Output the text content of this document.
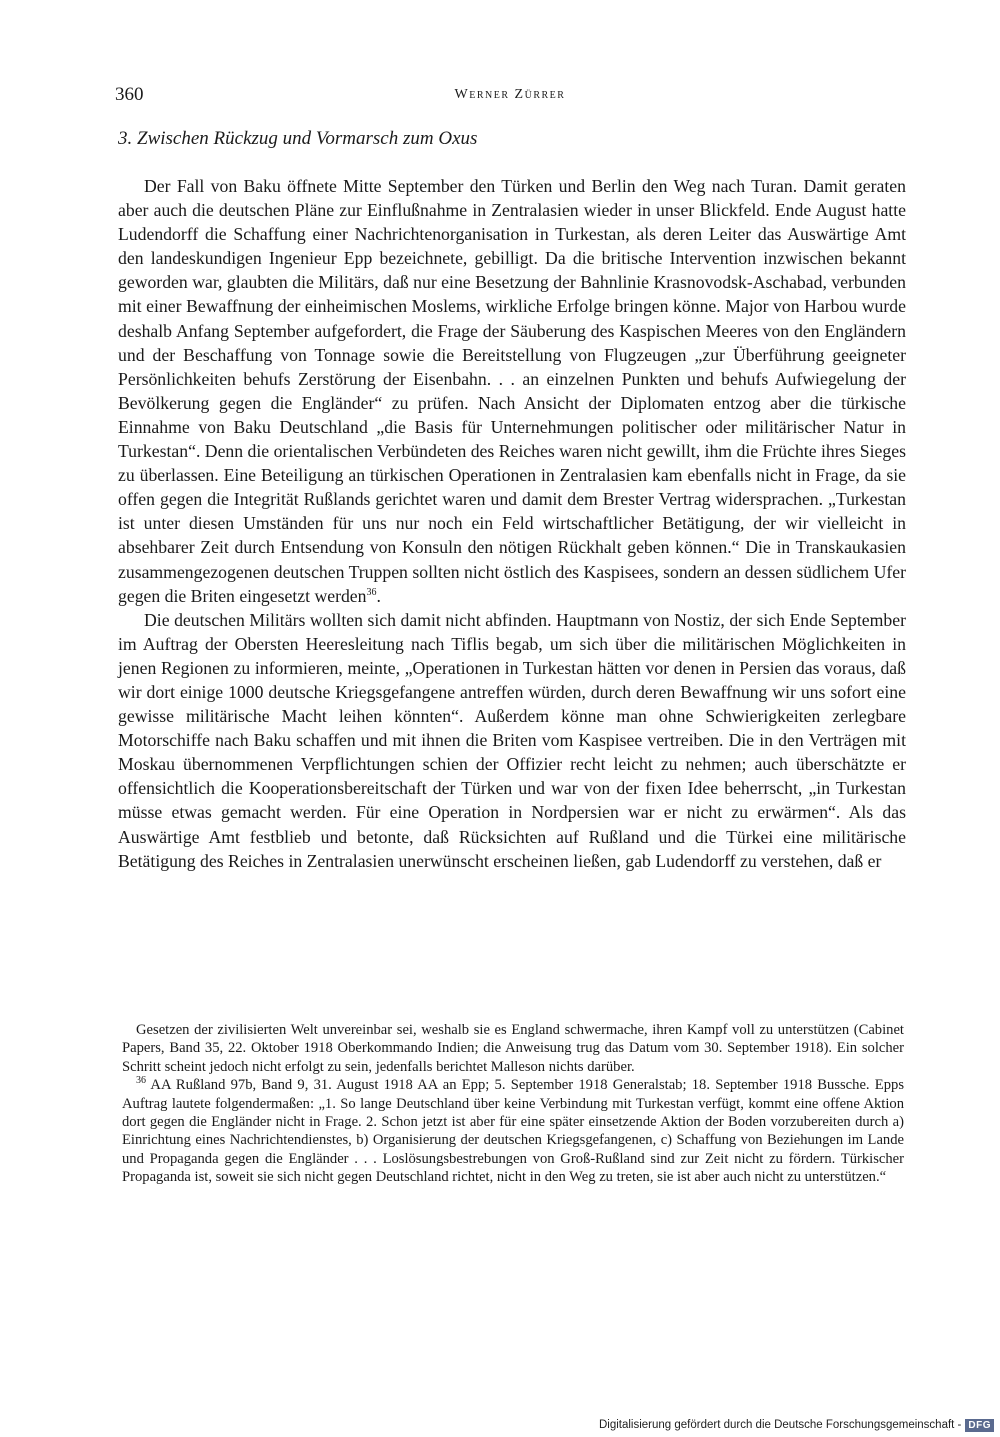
360	Werner Zürrer
3. Zwischen Rückzug und Vormarsch zum Oxus

Der Fall von Baku öffnete Mitte September den Türken und Berlin den Weg nach Turan. Damit geraten aber auch die deutschen Pläne zur Einflußnahme in Zentralasien wieder in unser Blickfeld. Ende August hatte Ludendorff die Schaffung einer Nachrichtenorganisation in Turkestan, als deren Leiter das Auswärtige Amt den landeskundigen Ingenieur Epp bezeichnete, gebilligt. Da die britische Intervention inzwischen bekannt geworden war, glaubten die Militärs, daß nur eine Besetzung der Bahnlinie Krasnovodsk-Aschabad, verbunden mit einer Bewaffnung der einheimischen Moslems, wirkliche Erfolge bringen könne. Major von Harbou wurde deshalb Anfang September aufgefordert, die Frage der Säuberung des Kaspischen Meeres von den Engländern und der Beschaffung von Tonnage sowie die Bereitstellung von Flugzeugen „zur Überführung geeigneter Persönlichkeiten behufs Zerstörung der Eisenbahn. . . an einzelnen Punkten und behufs Aufwiegelung der Bevölkerung gegen die Engländer“ zu prüfen. Nach Ansicht der Diplomaten entzog aber die türkische Einnahme von Baku Deutschland „die Basis für Unternehmungen politischer oder militärischer Natur in Turkestan“. Denn die orientalischen Verbündeten des Reiches waren nicht gewillt, ihm die Früchte ihres Sieges zu überlassen. Eine Beteiligung an türkischen Operationen in Zentralasien kam ebenfalls nicht in Frage, da sie offen gegen die Integrität Rußlands gerichtet waren und damit dem Brester Vertrag widersprachen. „Turkestan ist unter diesen Umständen für uns nur noch ein Feld wirtschaftlicher Betätigung, der wir vielleicht in absehbarer Zeit durch Entsendung von Konsuln den nötigen Rückhalt geben können.“ Die in Transkaukasien zusammengezogenen deutschen Truppen sollten nicht östlich des Kaspisees, sondern an dessen südlichem Ufer gegen die Briten eingesetzt werden$^{36}$.

Die deutschen Militärs wollten sich damit nicht abfinden. Hauptmann von Nostiz, der sich Ende September im Auftrag der Obersten Heeresleitung nach Tiflis begab, um sich über die militärischen Möglichkeiten in jenen Regionen zu informieren, meinte, „Operationen in Turkestan hätten vor denen in Persien das voraus, daß wir dort einige 1000 deutsche Kriegsgefangene antreffen würden, durch deren Bewaffnung wir uns sofort eine gewisse militärische Macht leihen könnten“. Außerdem könne man ohne Schwierigkeiten zerlegbare Motorschiffe nach Baku schaffen und mit ihnen die Briten vom Kaspisee vertreiben. Die in den Verträgen mit Moskau übernommenen Verpflichtungen schien der Offizier recht leicht zu nehmen; auch überschätzte er offensichtlich die Kooperationsbereitschaft der Türken und war von der fixen Idee beherrscht, „in Turkestan müsse etwas gemacht werden. Für eine Operation in Nordpersien war er nicht zu erwärmen“. Als das Auswärtige Amt festblieb und betonte, daß Rücksichten auf Rußland und die Türkei eine militärische Betätigung des Reiches in Zentralasien unerwünscht erscheinen ließen, gab Ludendorff zu verstehen, daß er

Gesetzen der zivilisierten Welt unvereinbar sei, weshalb sie es England schwermache, ihren Kampf voll zu unterstützen (Cabinet Papers, Band 35, 22. Oktober 1918 Oberkommando Indien; die Anweisung trug das Datum vom 30. September 1918). Ein solcher Schritt scheint jedoch nicht erfolgt zu sein, jedenfalls berichtet Malleson nichts darüber.

$^{36}$ AA Rußland 97b, Band 9, 31. August 1918 AA an Epp; 5. September 1918 Generalstab; 18. September 1918 Bussche. Epps Auftrag lautete folgendermaßen: „1. So lange Deutschland über keine Verbindung mit Turkestan verfügt, kommt eine offene Aktion dort gegen die Engländer nicht in Frage. 2. Schon jetzt ist aber für eine später einsetzende Aktion der Boden vorzubereiten durch a) Einrichtung eines Nachrichtendienstes, b) Organisierung der deutschen Kriegsgefangenen, c) Schaffung von Beziehungen im Lande und Propaganda gegen die Engländer . . . Loslösungsbestrebungen von Groß-Rußland sind zur Zeit nicht zu fördern. Türkischer Propaganda ist, soweit sie sich nicht gegen Deutschland richtet, nicht in den Weg zu treten, sie ist aber auch nicht zu unterstützen.“

Digitalisierung gefördert durch die Deutsche Forschungsgemeinschaft - DFG
